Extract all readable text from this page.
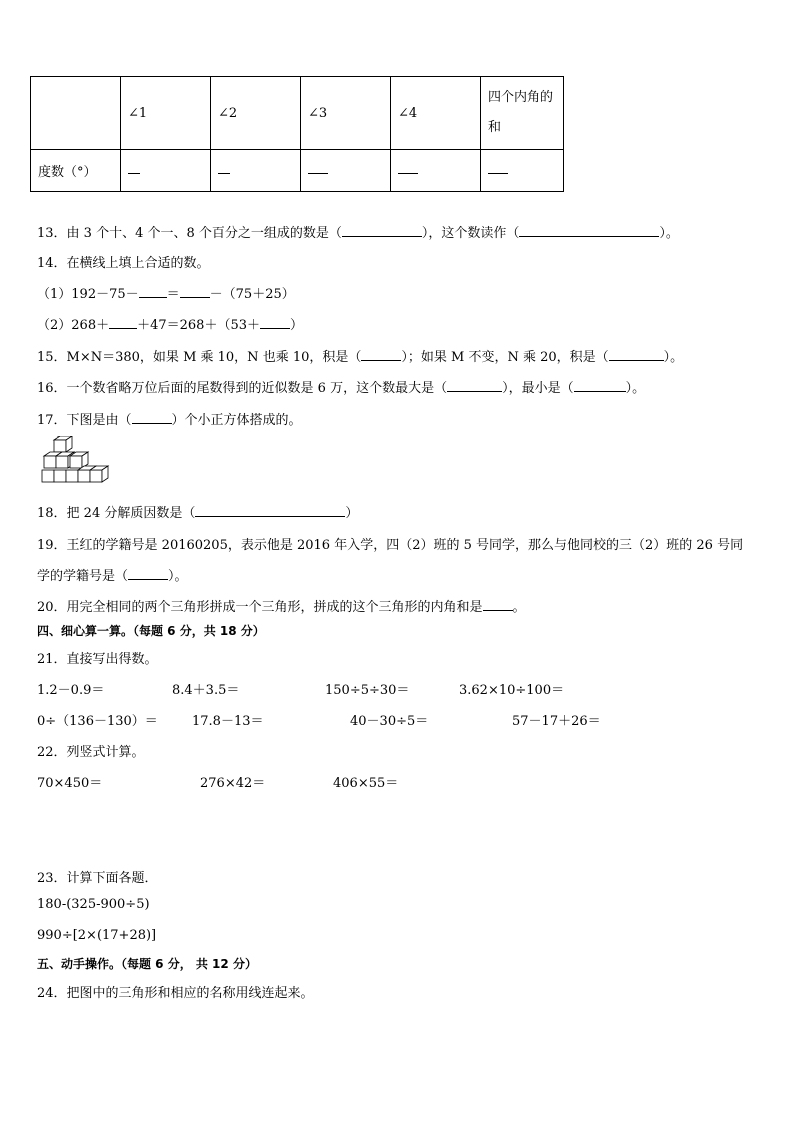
	∠1	∠2	∠3	∠4	四个内角的和
度数（°）					
13．由 3 个十、4 个一、8 个百分之一组成的数是（	），这个数读作（	）。
14．在横线上填上合适的数。
（1）192－75－ ＝ －（75＋25）
（2）268＋ ＋47＝268＋（53＋ ）
15．M×N＝380，如果 M 乘 10，N 也乘 10，积是（	）；如果 M 不变，N 乘 20，积是（	）。
16．一个数省略万位后面的尾数得到的近似数是 6 万，这个数最大是（	），最小是（	）。
17．下图是由（	）个小正方体搭成的。
18．把 24 分解质因数是（	）
19．王红的学籍号是 20160205，表示他是 2016 年入学，四（2）班的 5 号同学，那么与他同校的三（2）班的 26 号同
学的学籍号是（	）。
20．用完全相同的两个三角形拼成一个三角形，拼成的这个三角形的内角和是 。
四、细心算一算。（每题 6 分，共 18 分）
21．直接写出得数。
1.2－0.9＝	8.4＋3.5＝	150÷5÷30＝	3.62×10÷100＝
0÷（136－130）＝	17.8－13＝	40－30÷5＝	57－17＋26＝
22．列竖式计算。
70×450＝	276×42＝	406×55＝
23．计算下面各题．
180-(325-900÷5)
990÷[2×(17+28)]
五、动手操作。（每题 6 分， 共 12 分）
24．把图中的三角形和相应的名称用线连起来。
